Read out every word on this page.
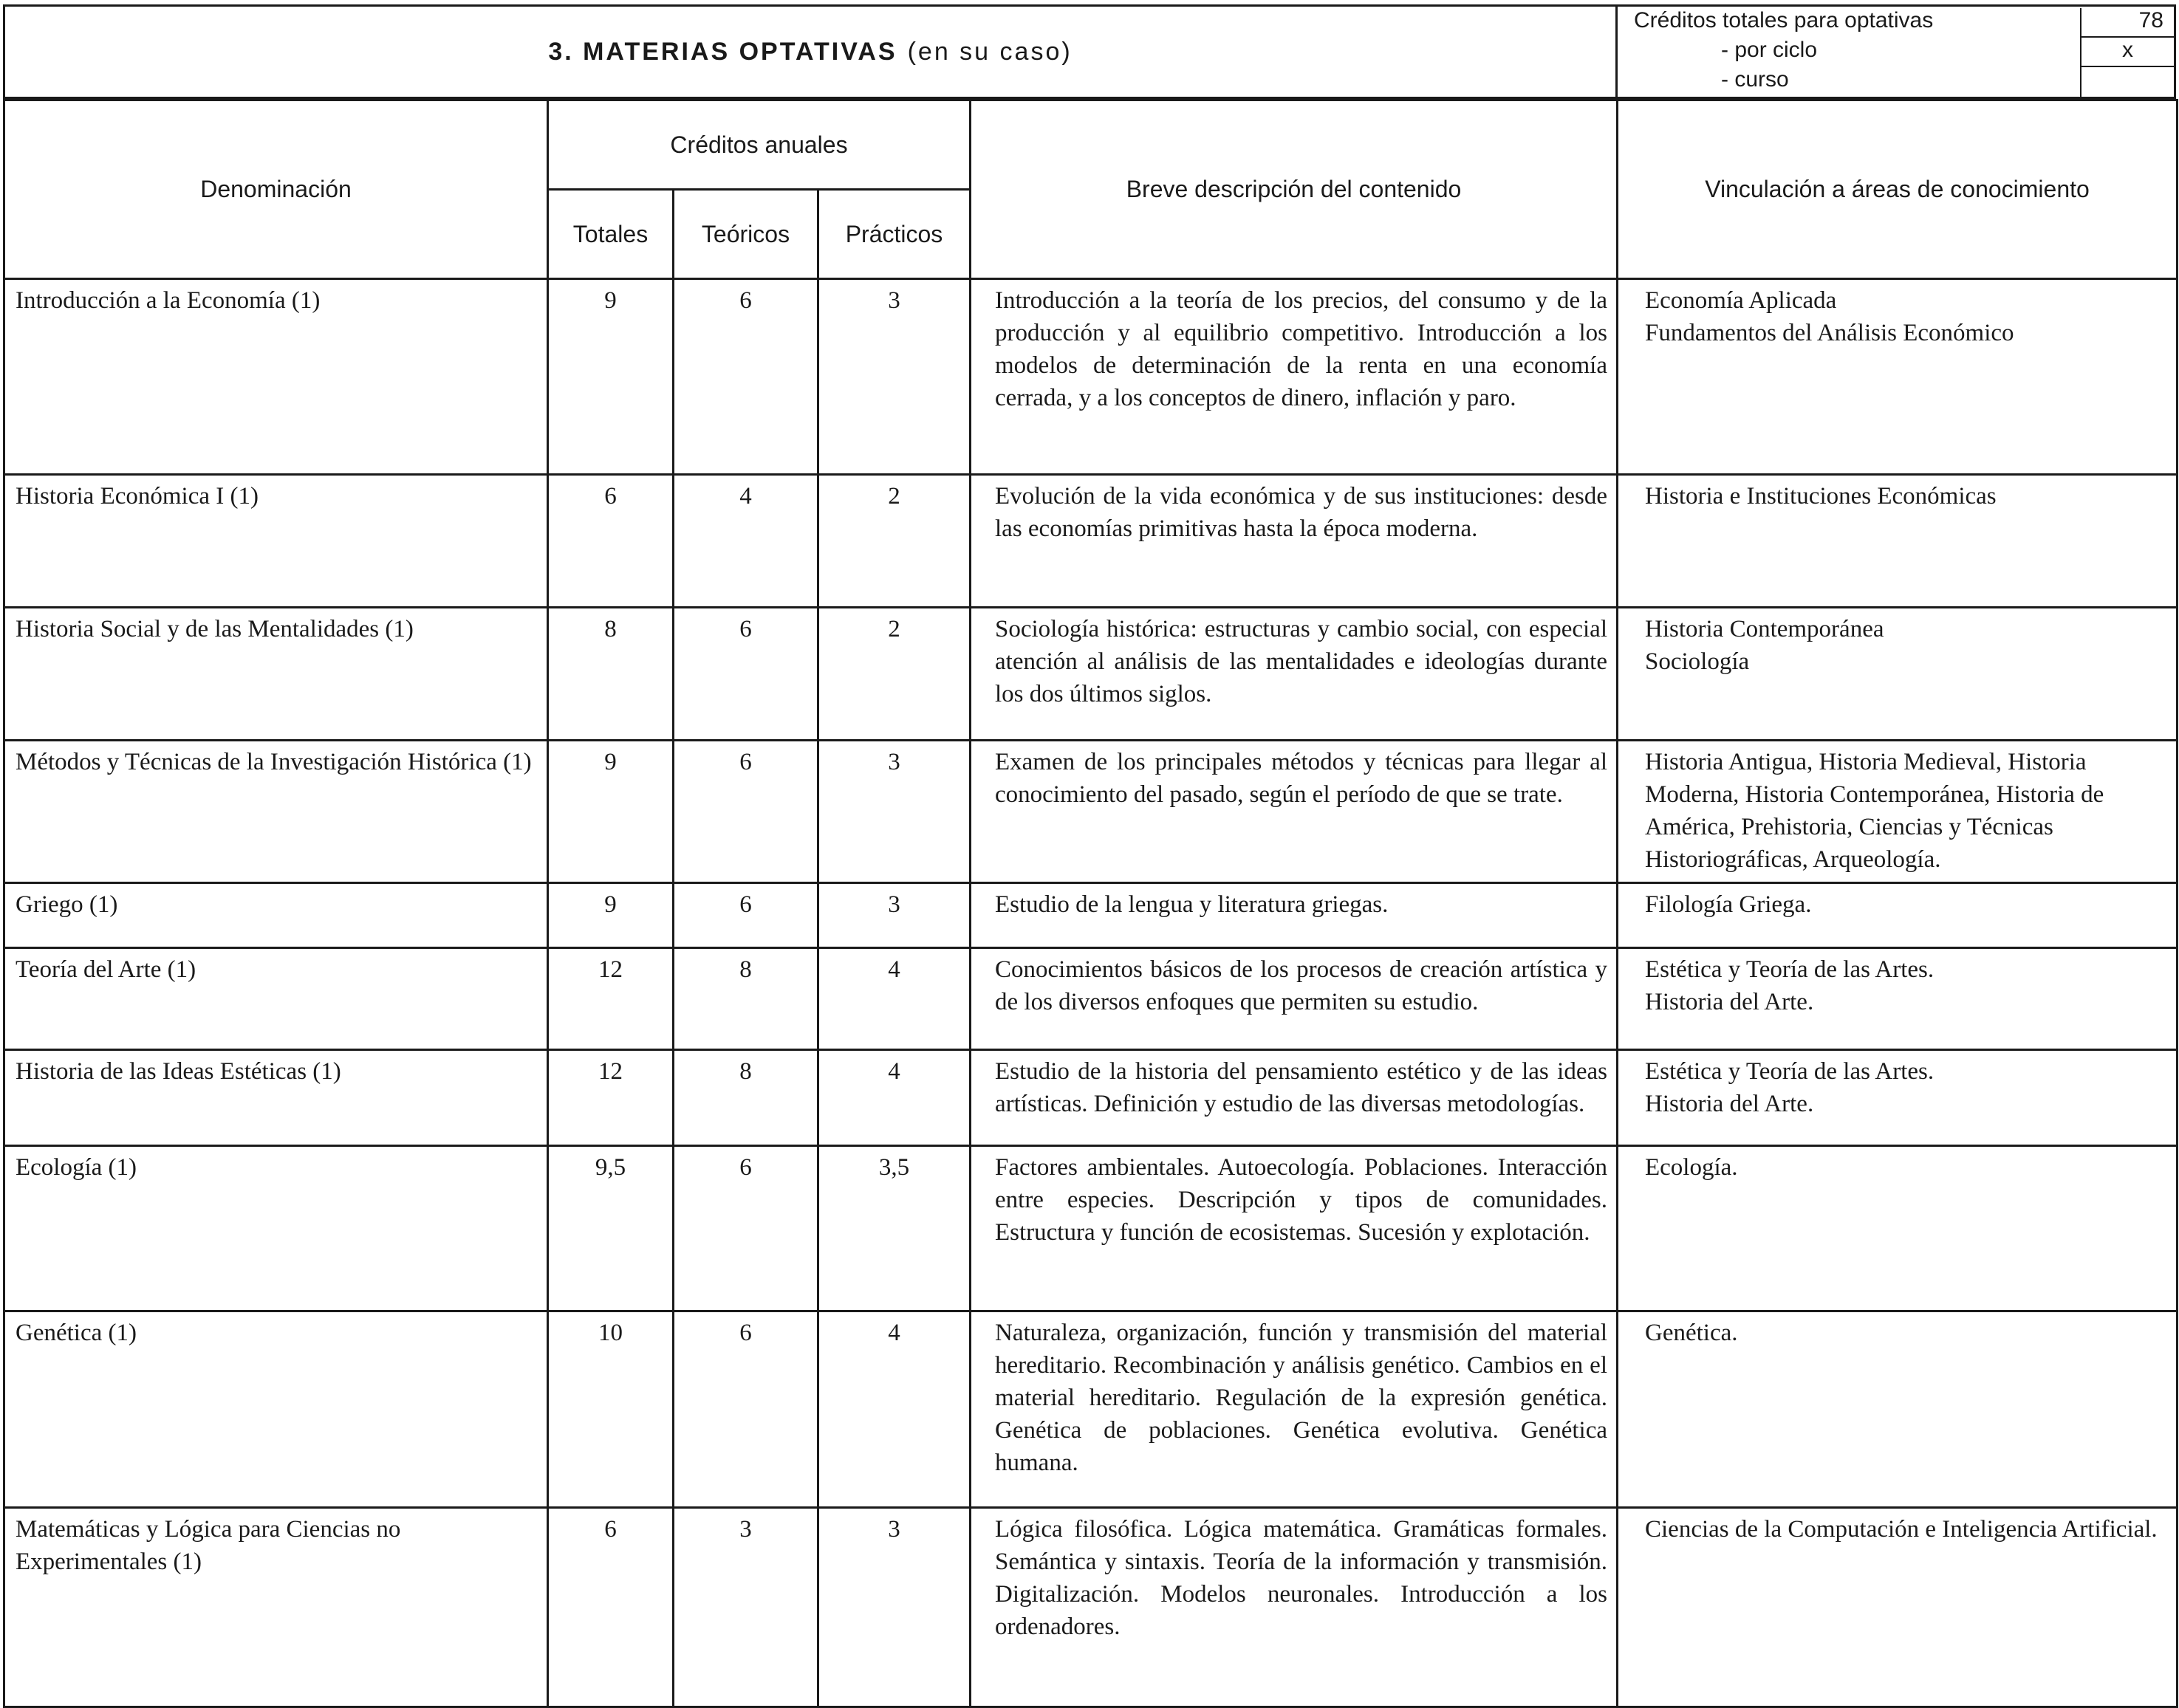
3. MATERIAS OPTATIVAS (en su caso)
Créditos totales para optativas	78
- por ciclo	x
- curso
Denominación	Créditos anuales			Breve descripción del contenido	Vinculación a áreas de conocimiento
	Totales	Teóricos	Prácticos		
Introducción a la Economía (1)	9	6	3	Introducción a la teoría de los precios, del consumo y de la producción y al equilibrio competitivo. Introducción a los modelos de determinación de la renta en una economía cerrada, y a los conceptos de dinero, inflación y paro.	Economía Aplicada
Fundamentos del Análisis Económico

Historia Económica I (1)	6	4	2	Evolución de la vida económica y de sus instituciones: desde las economías primitivas hasta la época moderna.	Historia e Instituciones Económicas

Historia Social y de las Mentalidades (1)	8	6	2	Sociología histórica: estructuras y cambio social, con especial atención al análisis de las mentalidades e ideologías durante los dos últimos siglos.	Historia Contemporánea
Sociología

Métodos y Técnicas de la Investigación Histórica (1)	9	6	3	Examen de los principales métodos y técnicas para llegar al conocimiento del pasado, según el período de que se trate.	Historia Antigua, Historia Medieval, Historia Moderna, Historia Contemporánea, Historia de América, Prehistoria, Ciencias y Técnicas Historiográficas, Arqueología.

Griego (1)	9	6	3	Estudio de la lengua y literatura griegas.	Filología Griega.

Teoría del Arte (1)	12	8	4	Conocimientos básicos de los procesos de creación artística y de los diversos enfoques que permiten su estudio.	Estética y Teoría de las Artes.
Historia del Arte.

Historia de las Ideas Estéticas (1)	12	8	4	Estudio de la historia del pensamiento estético y de las ideas artísticas. Definición y estudio de las diversas metodologías.	Estética y Teoría de las Artes.
Historia del Arte.

Ecología (1)	9,5	6	3,5	Factores ambientales. Autoecología. Poblaciones. Interacción entre especies. Descripción y tipos de comunidades. Estructura y función de ecosistemas. Sucesión y explotación.	Ecología.

Genética (1)	10	6	4	Naturaleza, organización, función y transmisión del material hereditario. Recombinación y análisis genético. Cambios en el material hereditario. Regulación de la expresión genética. Genética de poblaciones. Genética evolutiva. Genética humana.	Genética.

Matemáticas y Lógica para Ciencias no Experimentales (1)	6	3	3	Lógica filosófica. Lógica matemática. Gramáticas formales. Semántica y sintaxis. Teoría de la información y transmisión. Digitalización. Modelos neuronales. Introducción a los ordenadores.	Ciencias de la Computación e Inteligencia Artificial.
